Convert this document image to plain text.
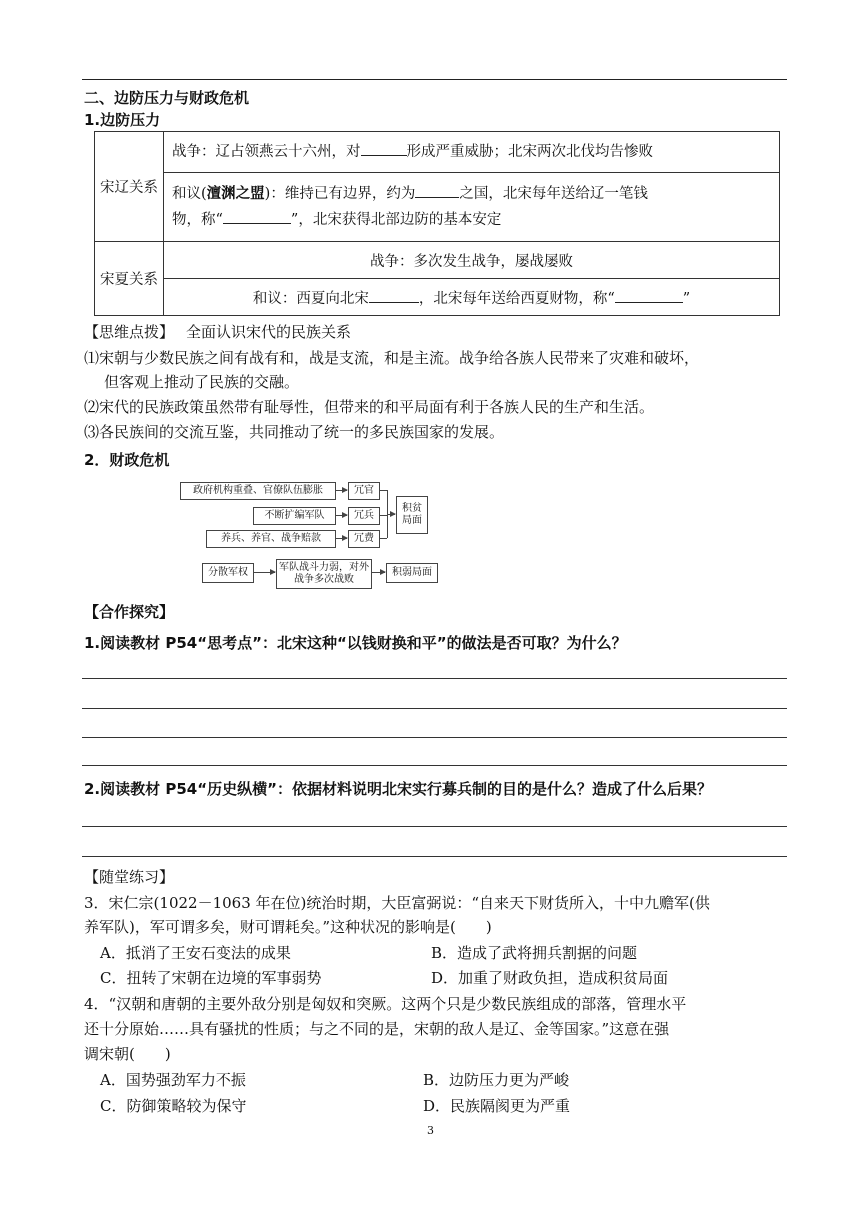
二、边防压力与财政危机
1.边防压力
宋辽关系	战争：辽占领燕云十六州，对 形成严重威胁；北宋两次北伐均告惨败

	和议(澶渊之盟)：维持已有边界，约为 之国，北宋每年送给辽一笔钱
物，称“ ”，北宋获得北部边防的基本安定

宋夏关系	战争：多次发生战争，屡战屡败
	和议：西夏向北宋 ，北宋每年送给西夏财物，称“ ”
【思维点拨】 全面认识宋代的民族关系
⑴宋朝与少数民族之间有战有和，战是支流，和是主流。战争给各族人民带来了灾难和破坏，
但客观上推动了民族的交融。
⑵宋代的民族政策虽然带有耻辱性，但带来的和平局面有利于各族人民的生产和生活。
⑶各民族间的交流互鉴，共同推动了统一的多民族国家的发展。
2．财政危机
政府机构重叠、官僚队伍膨胀	冗官
不断扩编军队	冗兵
养兵、养官、战争赔款	冗费
积贫局面
分散军权	军队战斗力弱，对外战争多次战败
积弱局面
【合作探究】
1.阅读教材 P54“思考点”：北宋这种“以钱财换和平”的做法是否可取？为什么？
2.阅读教材 P54“历史纵横”：依据材料说明北宋实行募兵制的目的是什么？造成了什么后果？
【随堂练习】
3．宋仁宗(1022－1063 年在位)统治时期，大臣富弼说：“自来天下财货所入，十中九赡军(供
养军队)，军可谓多矣，财可谓耗矣。”这种状况的影响是(　　)
A．抵消了王安石变法的成果	B．造成了武将拥兵割据的问题
C．扭转了宋朝在边境的军事弱势	D．加重了财政负担，造成积贫局面
4．“汉朝和唐朝的主要外敌分别是匈奴和突厥。这两个只是少数民族组成的部落，管理水平
还十分原始……具有骚扰的性质；与之不同的是，宋朝的敌人是辽、金等国家。”这意在强
调宋朝(　　)
A．国势强劲军力不振	B．边防压力更为严峻
C．防御策略较为保守	D．民族隔阂更为严重
3
